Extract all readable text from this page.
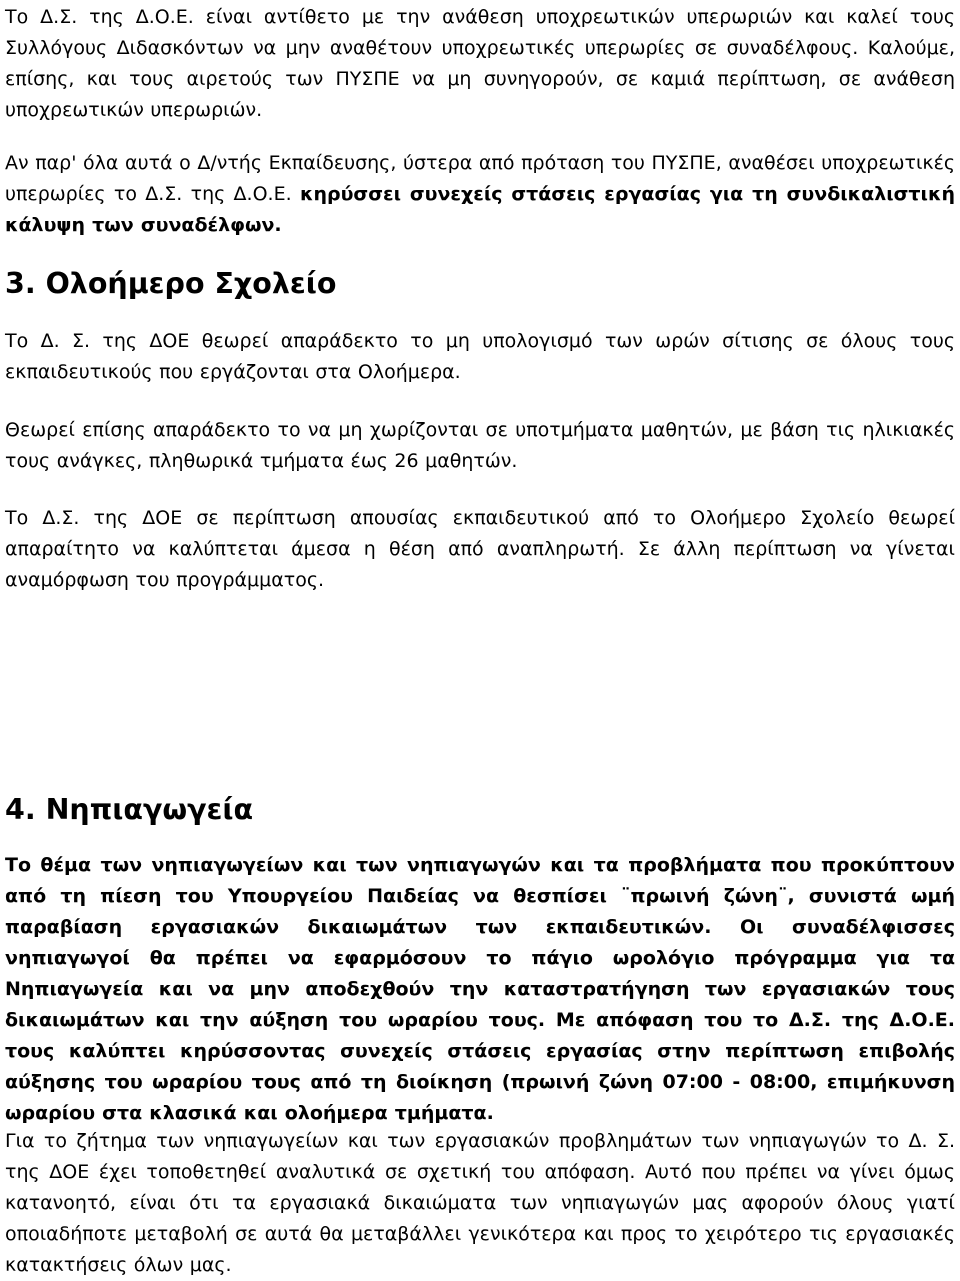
Το Δ.Σ. της Δ.Ο.Ε. είναι αντίθετο με την ανάθεση υποχρεωτικών υπερωριών και καλεί τους Συλλόγους Διδασκόντων να μην αναθέτουν υποχρεωτικές υπερωρίες σε συναδέλφους. Καλούμε, επίσης, και τους αιρετούς των ΠΥΣΠΕ να μη συνηγορούν, σε καμιά περίπτωση, σε ανάθεση υποχρεωτικών υπερωριών.

Αν παρ' όλα αυτά ο Δ/ντής Εκπαίδευσης, ύστερα από πρόταση του ΠΥΣΠΕ, αναθέσει υποχρεωτικές υπερωρίες το Δ.Σ. της Δ.Ο.Ε. κηρύσσει συνεχείς στάσεις εργασίας για τη συνδικαλιστική κάλυψη των συναδέλφων.

3. Ολοήμερο Σχολείο

Το Δ. Σ. της ΔΟΕ θεωρεί απαράδεκτο το μη υπολογισμό των ωρών σίτισης σε όλους τους εκπαιδευτικούς που εργάζονται στα Ολοήμερα.

Θεωρεί επίσης απαράδεκτο το να μη χωρίζονται σε υποτμήματα μαθητών, με βάση τις ηλικιακές τους ανάγκες, πληθωρικά τμήματα έως 26 μαθητών.

Το Δ.Σ. της ΔΟΕ σε περίπτωση απουσίας εκπαιδευτικού από το Ολοήμερο Σχολείο θεωρεί απαραίτητο να καλύπτεται άμεσα η θέση από αναπληρωτή. Σε άλλη περίπτωση να γίνεται αναμόρφωση του προγράμματος.

4. Νηπιαγωγεία

Το θέμα των νηπιαγωγείων και των νηπιαγωγών και τα προβλήματα που προκύπτουν από τη πίεση του Υπουργείου Παιδείας να θεσπίσει ¨πρωινή ζώνη¨, συνιστά ωμή παραβίαση εργασιακών δικαιωμάτων των εκπαιδευτικών. Οι συναδέλφισσες νηπιαγωγοί θα πρέπει να εφαρμόσουν το πάγιο ωρολόγιο πρόγραμμα για τα Νηπιαγωγεία και να μην αποδεχθούν την καταστρατήγηση των εργασιακών τους δικαιωμάτων και την αύξηση του ωραρίου τους. Με απόφαση του το Δ.Σ. της Δ.Ο.Ε. τους καλύπτει κηρύσσοντας συνεχείς στάσεις εργασίας στην περίπτωση επιβολής αύξησης του ωραρίου τους από τη διοίκηση (πρωινή ζώνη 07:00 - 08:00, επιμήκυνση ωραρίου στα κλασικά και ολοήμερα τμήματα.

Για το ζήτημα των νηπιαγωγείων και των εργασιακών προβλημάτων των νηπιαγωγών το Δ. Σ. της ΔΟΕ έχει τοποθετηθεί αναλυτικά σε σχετική του απόφαση. Αυτό που πρέπει να γίνει όμως κατανοητό, είναι ότι τα εργασιακά δικαιώματα των νηπιαγωγών μας αφορούν όλους γιατί οποιαδήποτε μεταβολή σε αυτά θα μεταβάλλει γενικότερα και προς το χειρότερο τις εργασιακές κατακτήσεις όλων μας.
